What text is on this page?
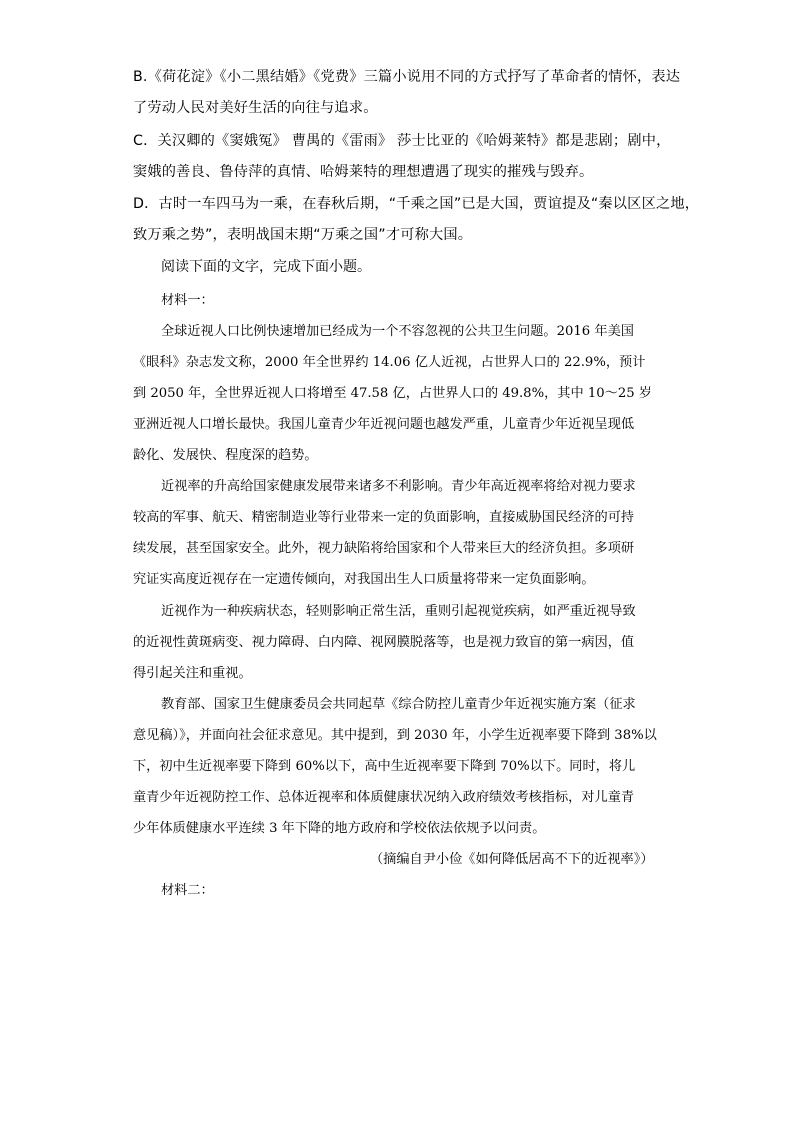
B.《荷花淀》《小二黑结婚》《党费》三篇小说用不同的方式抒写了革命者的情怀，表达

了劳动人民对美好生活的向往与追求。

C．关汉卿的《窦娥冤》 曹禺的《雷雨》 莎士比亚的《哈姆莱特》都是悲剧；剧中，

窦娥的善良、鲁侍萍的真情、哈姆莱特的理想遭遇了现实的摧残与毁弃。

D．古时一车四马为一乘，在春秋后期，“千乘之国”已是大国，贾谊提及“秦以区区之地，

致万乘之势”，表明战国末期“万乘之国”才可称大国。

阅读下面的文字，完成下面小题。

材料一：

全球近视人口比例快速增加已经成为一个不容忽视的公共卫生问题。2016 年美国

《眼科》杂志发文称，2000 年全世界约 14.06 亿人近视，占世界人口的 22.9%，预计

到 2050 年，全世界近视人口将增至 47.58 亿，占世界人口的 49.8%，其中 10～25 岁

亚洲近视人口增长最快。我国儿童青少年近视问题也越发严重，儿童青少年近视呈现低

龄化、发展快、程度深的趋势。

近视率的升高给国家健康发展带来诸多不利影响。青少年高近视率将给对视力要求

较高的军事、航天、精密制造业等行业带来一定的负面影响，直接威胁国民经济的可持

续发展，甚至国家安全。此外，视力缺陷将给国家和个人带来巨大的经济负担。多项研

究证实高度近视存在一定遗传倾向，对我国出生人口质量将带来一定负面影响。

近视作为一种疾病状态，轻则影响正常生活，重则引起视觉疾病，如严重近视导致

的近视性黄斑病变、视力障碍、白内障、视网膜脱落等，也是视力致盲的第一病因，值

得引起关注和重视。

教育部、国家卫生健康委员会共同起草《综合防控儿童青少年近视实施方案（征求

意见稿）》，并面向社会征求意见。其中提到，到 2030 年，小学生近视率要下降到 38%以

下，初中生近视率要下降到 60%以下，高中生近视率要下降到 70%以下。同时，将儿

童青少年近视防控工作、总体近视率和体质健康状况纳入政府绩效考核指标，对儿童青

少年体质健康水平连续 3 年下降的地方政府和学校依法依规予以问责。

（摘编自尹小俭《如何降低居高不下的近视率》）

材料二：
